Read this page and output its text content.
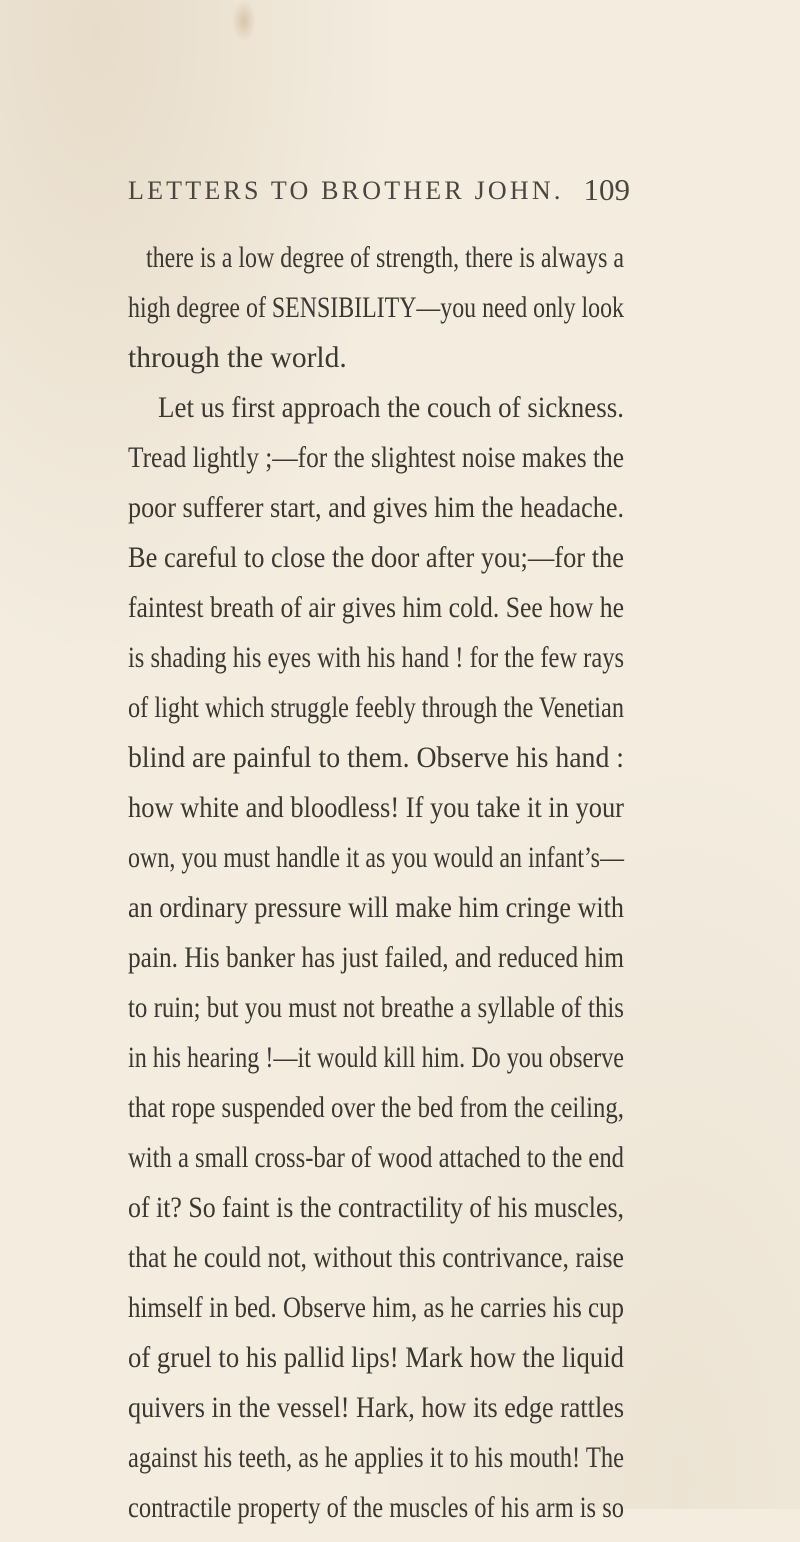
LETTERS TO BROTHER JOHN. 109
there is a low degree of strength, there is always a
high degree of SENSIBILITY—you need only look
through the world.
Let us first approach the couch of sickness.
Tread lightly ;—for the slightest noise makes the
poor sufferer start, and gives him the headache.
Be careful to close the door after you;—for the
faintest breath of air gives him cold. See how he
is shading his eyes with his hand ! for the few rays
of light which struggle feebly through the Venetian
blind are painful to them. Observe his hand :
how white and bloodless! If you take it in your
own, you must handle it as you would an infant’s—
an ordinary pressure will make him cringe with
pain. His banker has just failed, and reduced him
to ruin; but you must not breathe a syllable of this
in his hearing !—it would kill him. Do you observe
that rope suspended over the bed from the ceiling,
with a small cross-bar of wood attached to the end
of it? So faint is the contractility of his muscles,
that he could not, without this contrivance, raise
himself in bed. Observe him, as he carries his cup
of gruel to his pallid lips! Mark how the liquid
quivers in the vessel! Hark, how its edge rattles
against his teeth, as he applies it to his mouth! The
contractile property of the muscles of his arm is so
